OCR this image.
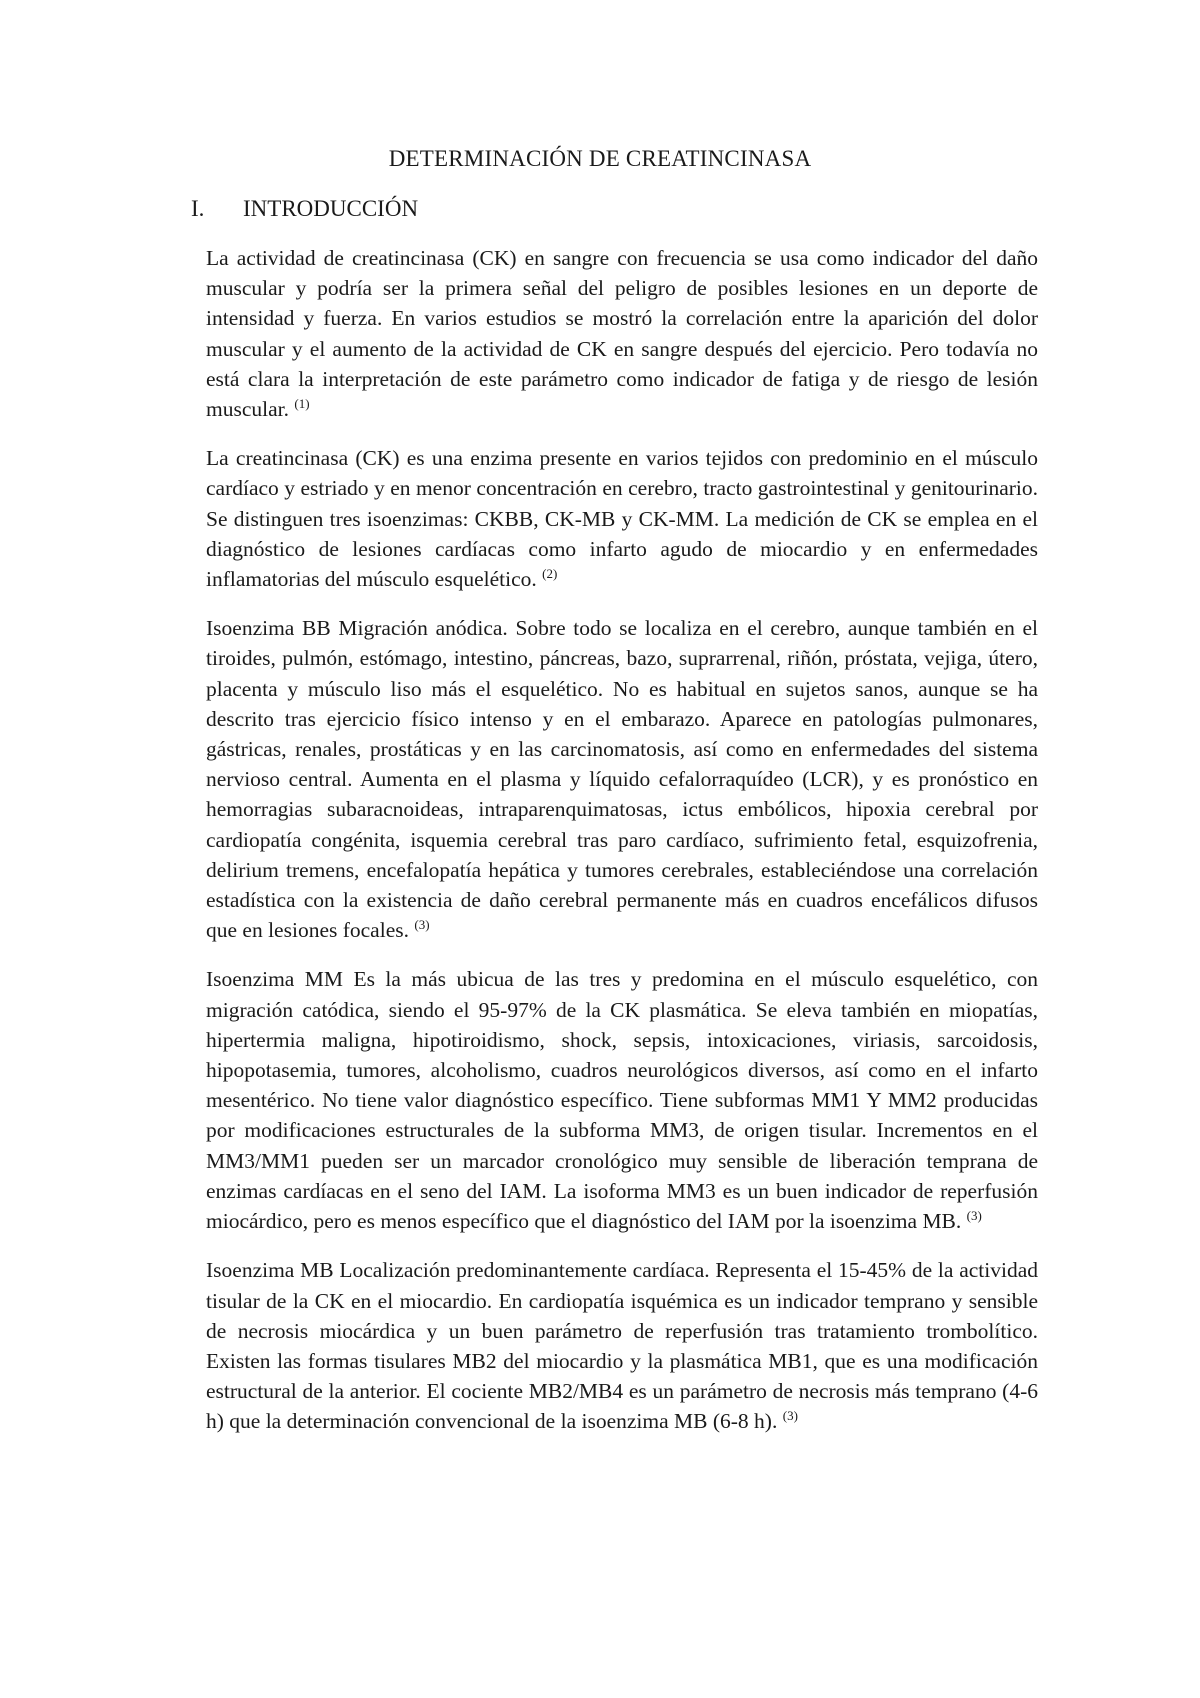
DETERMINACIÓN DE CREATINCINASA
I. INTRODUCCIÓN

La actividad de creatincinasa (CK) en sangre con frecuencia se usa como indicador del daño muscular y podría ser la primera señal del peligro de posibles lesiones en un deporte de intensidad y fuerza. En varios estudios se mostró la correlación entre la aparición del dolor muscular y el aumento de la actividad de CK en sangre después del ejercicio. Pero todavía no está clara la interpretación de este parámetro como indicador de fatiga y de riesgo de lesión muscular. $^{(1)}$

La creatincinasa (CK) es una enzima presente en varios tejidos con predominio en el músculo cardíaco y estriado y en menor concentración en cerebro, tracto gastrointestinal y genitourinario. Se distinguen tres isoenzimas: CKBB, CK-MB y CK-MM. La medición de CK se emplea en el diagnóstico de lesiones cardíacas como infarto agudo de miocardio y en enfermedades inflamatorias del músculo esquelético. $^{(2)}$

Isoenzima BB Migración anódica. Sobre todo se localiza en el cerebro, aunque también en el tiroides, pulmón, estómago, intestino, páncreas, bazo, suprarrenal, riñón, próstata, vejiga, útero, placenta y músculo liso más el esquelético. No es habitual en sujetos sanos, aunque se ha descrito tras ejercicio físico intenso y en el embarazo. Aparece en patologías pulmonares, gástricas, renales, prostáticas y en las carcinomatosis, así como en enfermedades del sistema nervioso central. Aumenta en el plasma y líquido cefalorraquídeo (LCR), y es pronóstico en hemorragias subaracnoideas, intraparenquimatosas, ictus embólicos, hipoxia cerebral por cardiopatía congénita, isquemia cerebral tras paro cardíaco, sufrimiento fetal, esquizofrenia, delirium tremens, encefalopatía hepática y tumores cerebrales, estableciéndose una correlación estadística con la existencia de daño cerebral permanente más en cuadros encefálicos difusos que en lesiones focales. $^{(3)}$

Isoenzima MM Es la más ubicua de las tres y predomina en el músculo esquelético, con migración catódica, siendo el 95-97% de la CK plasmática. Se eleva también en miopatías, hipertermia maligna, hipotiroidismo, shock, sepsis, intoxicaciones, viriasis, sarcoidosis, hipopotasemia, tumores, alcoholismo, cuadros neurológicos diversos, así como en el infarto mesentérico. No tiene valor diagnóstico específico. Tiene subformas MM1 Y MM2 producidas por modificaciones estructurales de la subforma MM3, de origen tisular. Incrementos en el MM3/MM1 pueden ser un marcador cronológico muy sensible de liberación temprana de enzimas cardíacas en el seno del IAM. La isoforma MM3 es un buen indicador de reperfusión miocárdico, pero es menos específico que el diagnóstico del IAM por la isoenzima MB. $^{(3)}$

Isoenzima MB Localización predominantemente cardíaca. Representa el 15-45% de la actividad tisular de la CK en el miocardio. En cardiopatía isquémica es un indicador temprano y sensible de necrosis miocárdica y un buen parámetro de reperfusión tras tratamiento trombolítico. Existen las formas tisulares MB2 del miocardio y la plasmática MB1, que es una modificación estructural de la anterior. El cociente MB2/MB4 es un parámetro de necrosis más temprano (4-6 h) que la determinación convencional de la isoenzima MB (6-8 h). $^{(3)}$
